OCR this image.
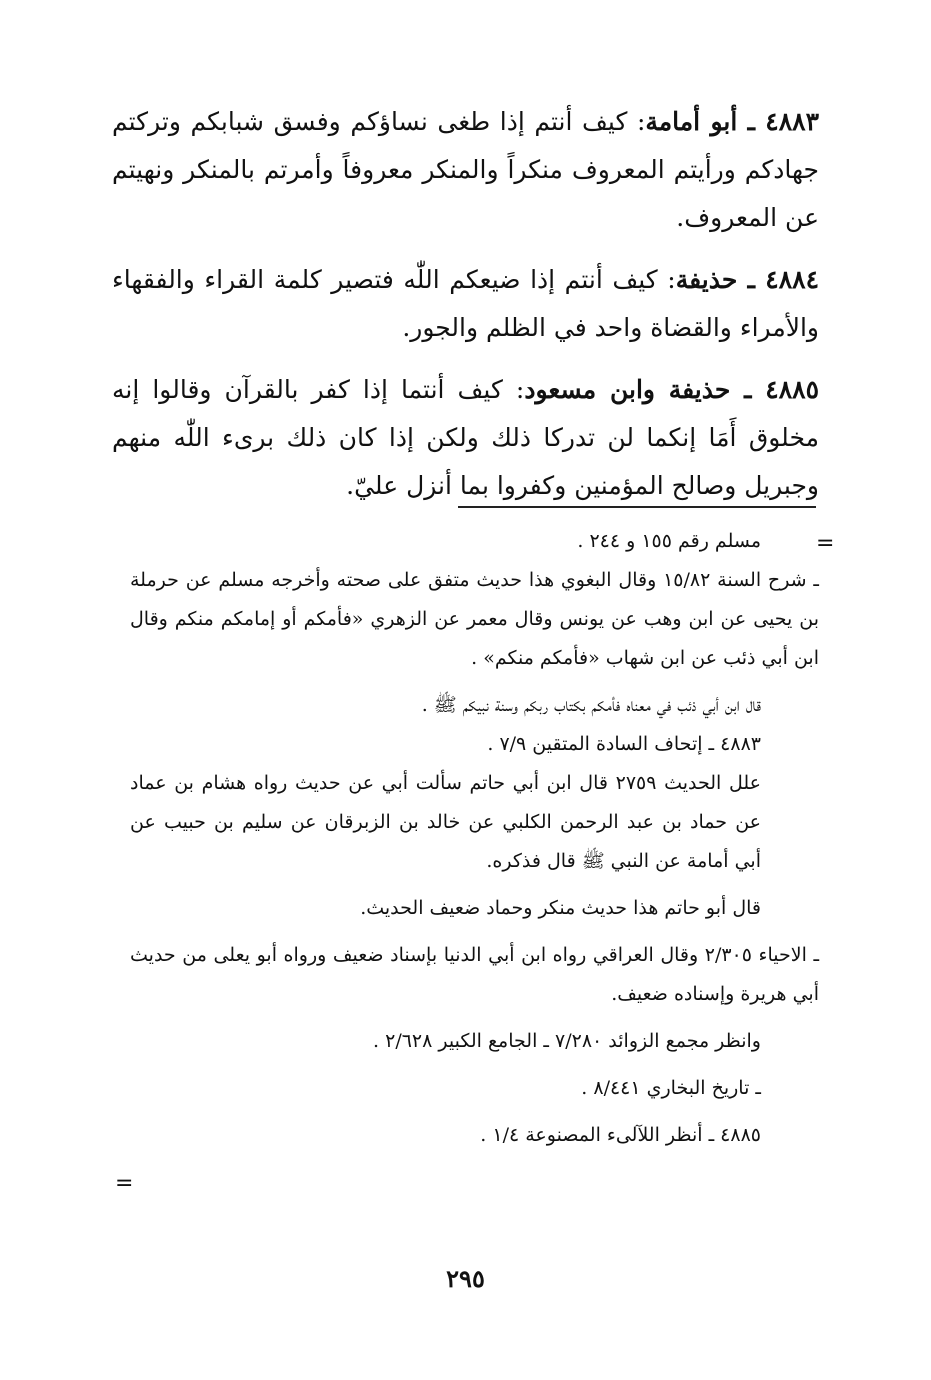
٤٨٨٣ ـ أبو أمامة: كيف أنتم إذا طغى نساؤكم وفسق شبابكم وتركتم جهادكم ورأيتم المعروف منكراً والمنكر معروفاً وأمرتم بالمنكر ونهيتم عن المعروف.

٤٨٨٤ ـ حذيفة: كيف أنتم إذا ضيعكم اللّٰه فتصير كلمة القراء والفقهاء والأمراء والقضاة واحد في الظلم والجور.

٤٨٨٥ ـ حذيفة وابن مسعود: كيف أنتما إذا كفر بالقرآن وقالوا إنه مخلوق أَمَا إنكما لن تدركا ذلك ولكن إذا كان ذلك برىء اللّٰه منهم وجبريل وصالح المؤمنين وكفروا بما أنزل عليّ.

=

مسلم رقم ١٥٥ و ٢٤٤ .

ـ شرح السنة ١٥/٨٢ وقال البغوي هذا حديث متفق على صحته وأخرجه مسلم عن حرملة بن يحيى عن ابن وهب عن يونس وقال معمر عن الزهري «فأمكم أو إمامكم منكم وقال ابن أبي ذئب عن ابن شهاب «فأمكم منكم» .

قال ابن أبي ذئب في معناه فأمكم بكتاب ربكم وسنة نبيكم ﷺ .

٤٨٨٣ ـ إتحاف السادة المتقين ٧/٩ .

علل الحديث ٢٧٥٩ قال ابن أبي حاتم سألت أبي عن حديث رواه هشام بن عماد عن حماد بن عبد الرحمن الكلبي عن خالد بن الزبرقان عن سليم بن حبيب عن أبي أمامة عن النبي ﷺ قال فذكره.

قال أبو حاتم هذا حديث منكر وحماد ضعيف الحديث.

ـ الاحياء ٢/٣٠٥ وقال العراقي رواه ابن أبي الدنيا بإسناد ضعيف ورواه أبو يعلى من حديث أبي هريرة وإسناده ضعيف.

وانظر مجمع الزوائد ٧/٢٨٠ ـ الجامع الكبير ٢/٦٢٨ .

ـ تاريخ البخاري ٨/٤٤١ .

٤٨٨٥ ـ أنظر اللآلىء المصنوعة ١/٤ .

=
٢٩٥
